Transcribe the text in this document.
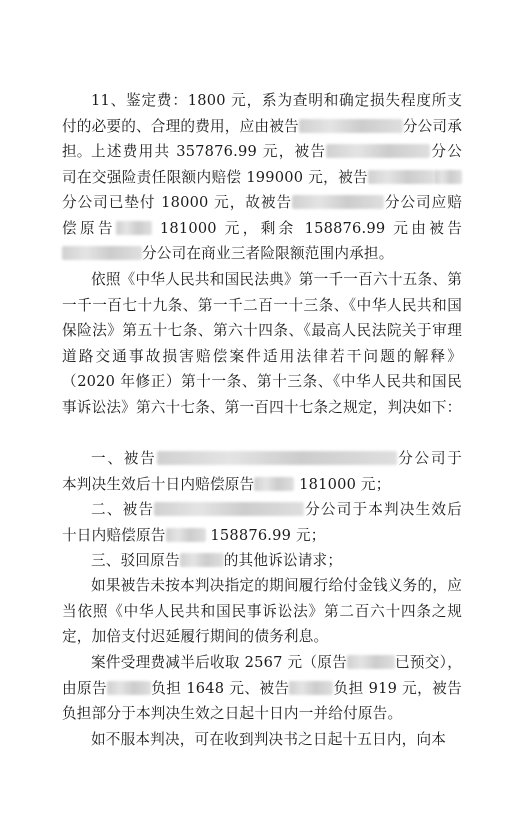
11、鉴定费：1800 元，系为查明和确定损失程度所支付的必要的、合理的费用，应由被告	分公司承担。 上述费用共 357876.99 元，被告	分公司在交强险责任限额内赔偿 199000 元，被告分公司已垫付 18000 元，故被告	分公司应赔偿原告 181000 元，剩余 158876.99 元由被告分公司在商业三者险限额范围内承担。

依照《中华人民共和国民法典》第一千一百六十五条、第一千一百七十九条、第一千二百一十三条、《中华人民共和国保险法》第五十七条、第六十四条、《最高人民法院关于审理道路交通事故损害赔偿案件适用法律若干问题的解释》（2020 年修正）第十一条、第十三条、《中华人民共和国民事诉讼法》第六十七条、第一百四十七条之规定，判决如下：

一、被告	分公司于本判决生效后十日内赔偿原告	181000 元；

二、被告	分公司于本判决生效后十日内赔偿原告	158876.99 元；

三、驳回原告	的其他诉讼请求；

如果被告未按本判决指定的期间履行给付金钱义务的，应当依照《中华人民共和国民事诉讼法》第二百六十四条之规定，加倍支付迟延履行期间的债务利息。

案件受理费减半后收取 2567 元（原告	已预交），由原告	负担 1648 元、被告	负担 919 元，被告负担部分于本判决生效之日起十日内一并给付原告。

如不服本判决，可在收到判决书之日起十五日内，向本
